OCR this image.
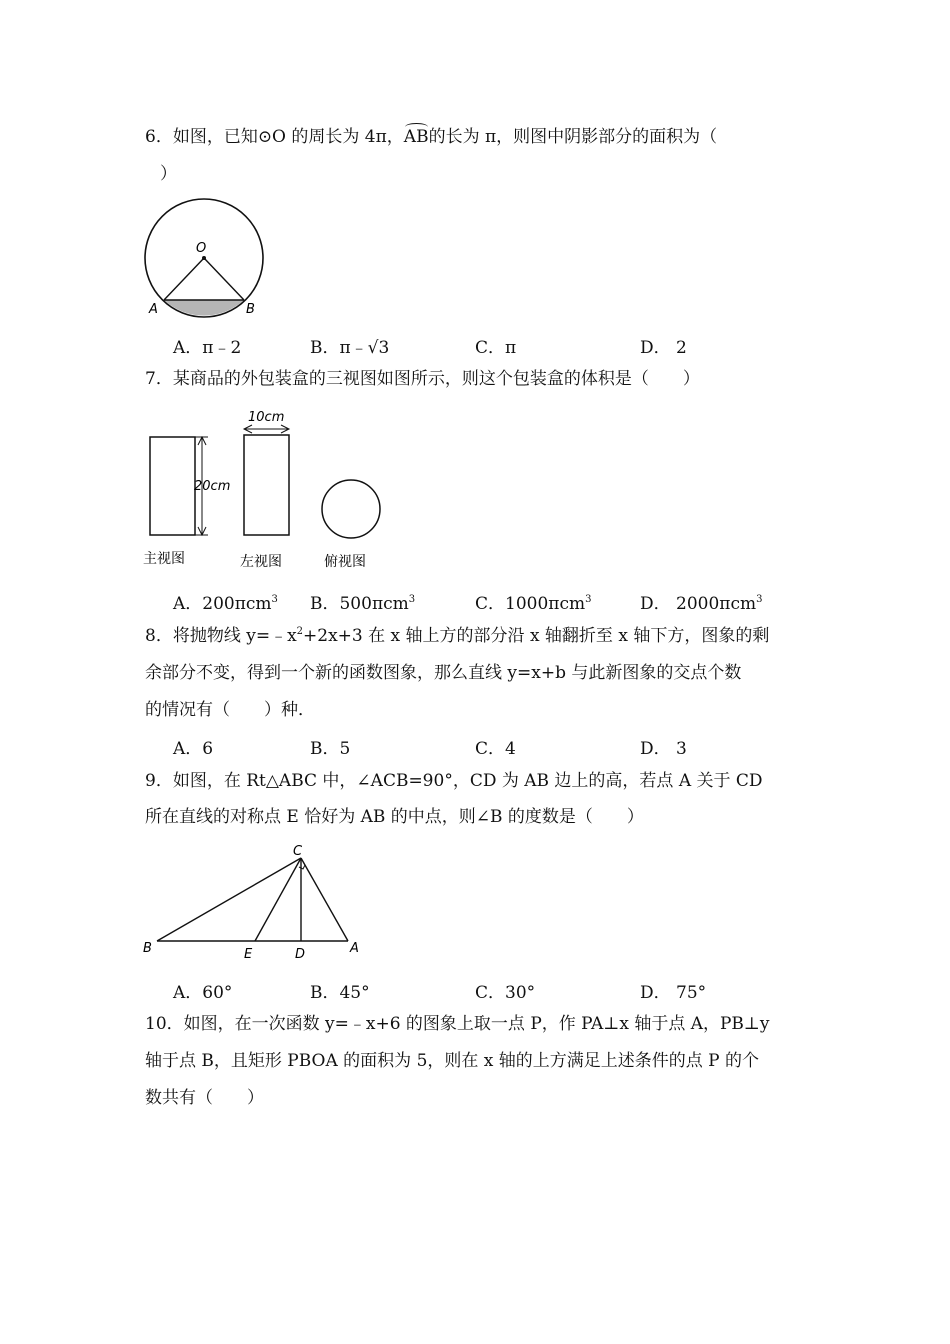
6．如图，已知⊙O 的周长为 4π，AB的长为 π，则图中阴影部分的面积为（
）
O
A	B
A．π﹣2	B．π﹣√3	C．π	D． 2
7．某商品的外包装盒的三视图如图所示，则这个包装盒的体积是（　　）
20cm
10cm
主视图	左视图	俯视图
A．200πcm$^3$ B．500πcm$^3$	C．1000πcm$^3$	D． 2000πcm$^3$
8．将抛物线 $y=﹣x^2+2x+3$ 在 x 轴上方的部分沿 x 轴翻折至 x 轴下方，图象的剩
余部分不变，得到一个新的函数图象，那么直线 y=x+b 与此新图象的交点个数
的情况有（　　）种．
A．6	B．5	C．4	D． 3
9．如图，在 Rt△ABC 中，∠ACB=90°，CD 为 AB 边上的高，若点 A 关于 CD
所在直线的对称点 E 恰好为 AB 的中点，则∠B 的度数是（　　）
C
B	E	D	A
A．60°	B．45°	C．30°	D． 75°
10．如图，在一次函数 y=﹣x+6 的图象上取一点 P，作 PA⊥x 轴于点 A，PB⊥y
轴于点 B，且矩形 PBOA 的面积为 5，则在 x 轴的上方满足上述条件的点 P 的个
数共有（　　）
